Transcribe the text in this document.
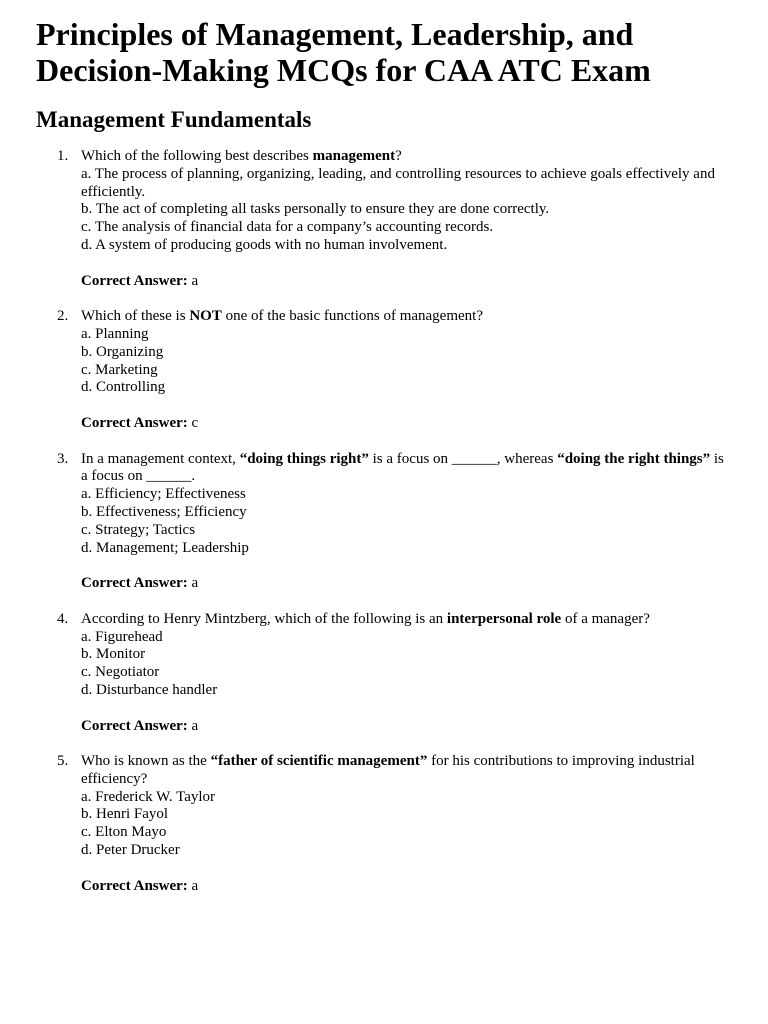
Principles of Management, Leadership, and Decision-Making MCQs for CAA ATC Exam
Management Fundamentals
1. Which of the following best describes management?
a. The process of planning, organizing, leading, and controlling resources to achieve goals effectively and efficiently.
b. The act of completing all tasks personally to ensure they are done correctly.
c. The analysis of financial data for a company’s accounting records.
d. A system of producing goods with no human involvement.
Correct Answer: a
2. Which of these is NOT one of the basic functions of management?
a. Planning
b. Organizing
c. Marketing
d. Controlling
Correct Answer: c
3. In a management context, “doing things right” is a focus on ______, whereas “doing the right things” is a focus on ______.
a. Efficiency; Effectiveness
b. Effectiveness; Efficiency
c. Strategy; Tactics
d. Management; Leadership
Correct Answer: a
4. According to Henry Mintzberg, which of the following is an interpersonal role of a manager?
a. Figurehead
b. Monitor
c. Negotiator
d. Disturbance handler
Correct Answer: a
5. Who is known as the “father of scientific management” for his contributions to improving industrial efficiency?
a. Frederick W. Taylor
b. Henri Fayol
c. Elton Mayo
d. Peter Drucker
Correct Answer: a
